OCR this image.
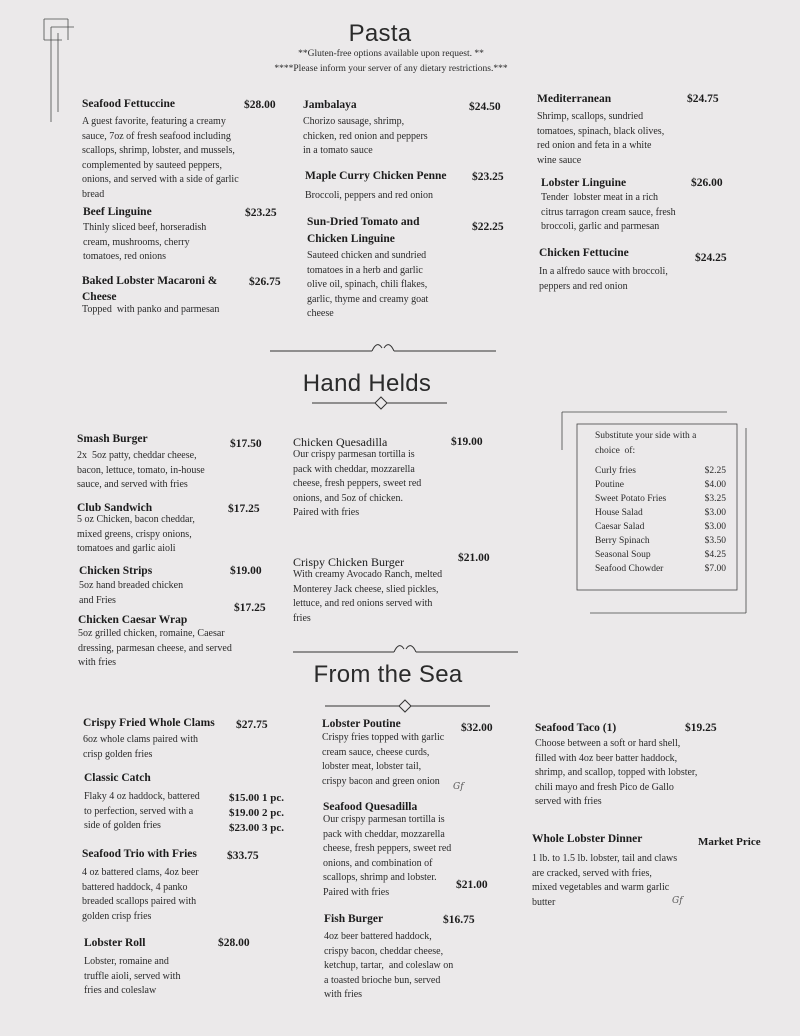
Pasta
**Gluten-free options available upon request. **
****Please inform your server of any dietary restrictions.***
Seafood Fettuccine	$28.00
A guest favorite, featuring a creamy
sauce, 7oz of fresh seafood including
scallops, shrimp, lobster, and mussels,
complemented by sauteed peppers,
onions, and served with a side of garlic
bread
Beef Linguine	$23.25
Thinly sliced beef, horseradish
cream, mushrooms, cherry
tomatoes, red onions
Baked Lobster Macaroni & Cheese
$26.75
Topped  with panko and parmesan
Jambalaya	$24.50
Chorizo sausage, shrimp,
chicken, red onion and peppers
in a tomato sauce
Maple Curry Chicken Penne $23.25
Broccoli, peppers and red onion
Sun-Dried Tomato and Chicken Linguine
$22.25
Sauteed chicken and sundried
tomatoes in a herb and garlic
olive oil, spinach, chili flakes,
garlic, thyme and creamy goat
cheese
Mediterranean	$24.75
Shrimp, scallops, sundried
tomatoes, spinach, black olives,
red onion and feta in a white
wine sauce
Lobster Linguine	$26.00
Tender  lobster meat in a rich
citrus tarragon cream sauce, fresh
broccoli, garlic and parmesan
Chicken Fettucine	$24.25
In a alfredo sauce with broccoli,
peppers and red onion
Hand Helds
Smash Burger	$17.50
2x  5oz patty, cheddar cheese,
bacon, lettuce, tomato, in-house
sauce, and served with fries
Club Sandwich	$17.25
5 oz Chicken, bacon cheddar,
mixed greens, crispy onions,
tomatoes and garlic aioli
Chicken Strips	$19.00
5oz hand breaded chicken
and Fries
Chicken Caesar Wrap
$17.25
5oz grilled chicken, romaine, Caesar
dressing, parmesan cheese, and served
with fries
Chicken Quesadilla	$19.00
Our crispy parmesan tortilla is
pack with cheddar, mozzarella
cheese, fresh peppers, sweet red
onions, and 5oz of chicken.
Paired with fries
Crispy Chicken Burger	$21.00
With creamy Avocado Ranch, melted
Monterey Jack cheese, slied pickles,
lettuce, and red onions served with
fries
Substitute your side with a
choice  of:
Curly fries	$2.25
Poutine	$4.00
Sweet Potato Fries	$3.25
House Salad	$3.00
Caesar Salad	$3.00
Berry Spinach	$3.50
Seasonal Soup	$4.25
Seafood Chowder	$7.00
From the Sea
Crispy Fried Whole Clams $27.75
6oz whole clams paired with
crisp golden fries
Classic Catch
Flaky 4 oz haddock, battered
to perfection, served with a
side of golden fries
$15.00 1 pc.
$19.00 2 pc.
$23.00 3 pc.
Seafood Trio with Fries	$33.75
4 oz battered clams, 4oz beer
battered haddock, 4 panko
breaded scallops paired with
golden crisp fries
Lobster Roll	$28.00
Lobster, romaine and
truffle aioli, served with
fries and coleslaw
Lobster Poutine	$32.00
Crispy fries topped with garlic
cream sauce, cheese curds,
lobster meat, lobster tail,
crispy bacon and green onion
Gf
Seafood Quesadilla
Our crispy parmesan tortilla is
pack with cheddar, mozzarella
cheese, fresh peppers, sweet red
onions, and combination of
scallops, shrimp and lobster.
Paired with fries
$21.00
Fish Burger	$16.75
4oz beer battered haddock,
crispy bacon, cheddar cheese,
ketchup, tartar,  and coleslaw on
a toasted brioche bun, served
with fries
Seafood Taco (1)	$19.25
Choose between a soft or hard shell,
filled with 4oz beer batter haddock,
shrimp, and scallop, topped with lobster,
chili mayo and fresh Pico de Gallo
served with fries
Whole Lobster Dinner	Market Price
1 lb. to 1.5 lb. lobster, tail and claws
are cracked, served with fries,
mixed vegetables and warm garlic
butter	Gf
